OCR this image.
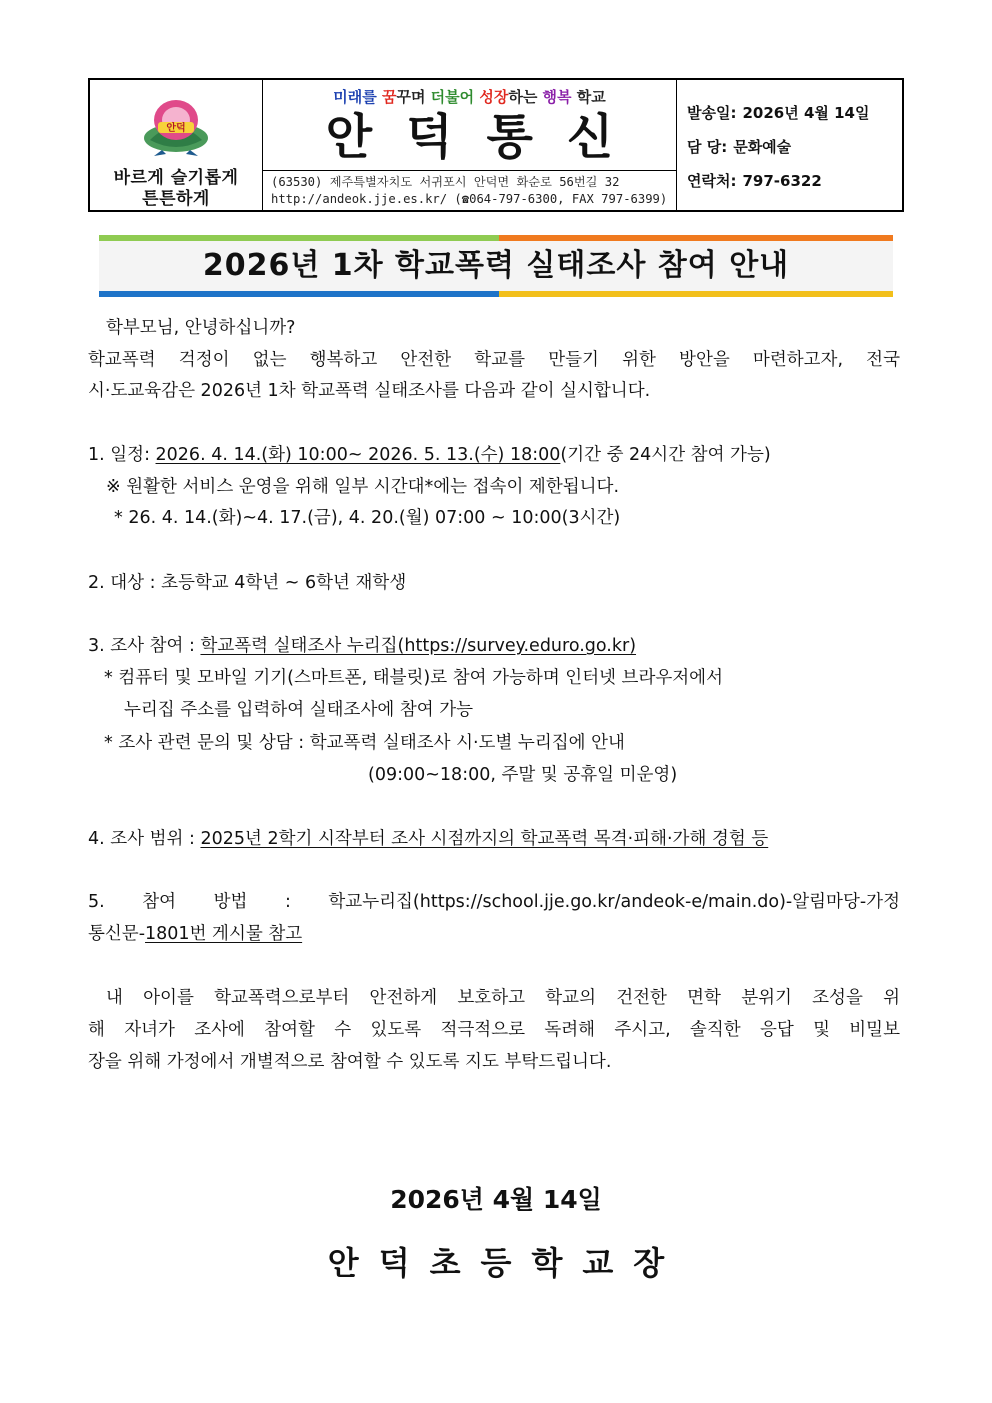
안덕
바르게 슬기롭게
튼튼하게
미래를 꿈꾸며 더불어 성장하는 행복 학교
안덕통신
(63530) 제주특별자치도 서귀포시 안덕면 화순로 56번길 32
http://andeok.jje.es.kr/ (☎064-797-6300, FAX 797-6399)
발송일: 2026년 4월 14일
담 당: 문화예술
연락처: 797-6322
2026년 1차 학교폭력 실태조사 참여 안내
학부모님, 안녕하십니까?
학교폭력 걱정이 없는 행복하고 안전한 학교를 만들기 위한 방안을 마련하고자, 전국
시·도교육감은 2026년 1차 학교폭력 실태조사를 다음과 같이 실시합니다.
1. 일정: 2026. 4. 14.(화) 10:00~ 2026. 5. 13.(수) 18:00(기간 중 24시간 참여 가능)
※ 원활한 서비스 운영을 위해 일부 시간대*에는 접속이 제한됩니다.
* 26. 4. 14.(화)~4. 17.(금), 4. 20.(월) 07:00 ~ 10:00(3시간)
2. 대상 : 초등학교 4학년 ~ 6학년 재학생
3. 조사 참여 : 학교폭력 실태조사 누리집(https://survey.eduro.go.kr)
* 컴퓨터 및 모바일 기기(스마트폰, 태블릿)로 참여 가능하며 인터넷 브라우저에서
누리집 주소를 입력하여 실태조사에 참여 가능
* 조사 관련 문의 및 상담 : 학교폭력 실태조사 시·도별 누리집에 안내
(09:00~18:00, 주말 및 공휴일 미운영)
4. 조사 범위 : 2025년 2학기 시작부터 조사 시점까지의 학교폭력 목격·피해·가해 경험 등
5. 참여 방법 : 학교누리집(https://school.jje.go.kr/andeok-e/main.do)-알림마당-가정
통신문-1801번 게시물 참고
내 아이를 학교폭력으로부터 안전하게 보호하고 학교의 건전한 면학 분위기 조성을 위
해 자녀가 조사에 참여할 수 있도록 적극적으로 독려해 주시고, 솔직한 응답 및 비밀보
장을 위해 가정에서 개별적으로 참여할 수 있도록 지도 부탁드립니다.
2026년 4월 14일
안덕초등학교장
